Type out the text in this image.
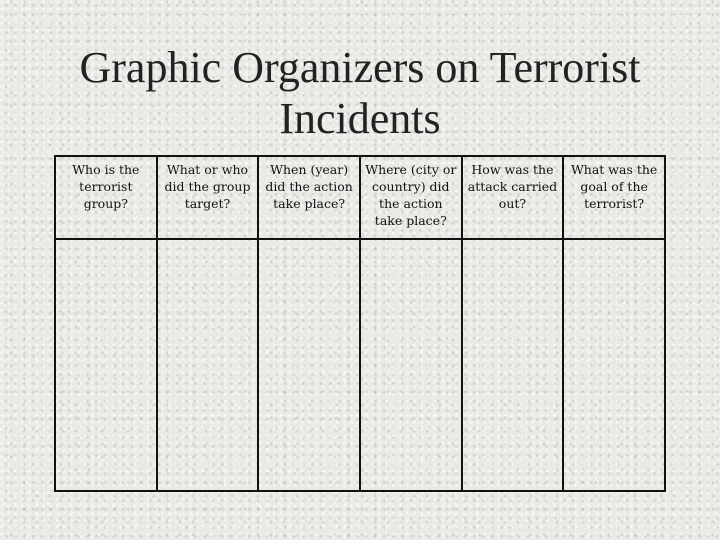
Graphic Organizers on Terrorist
Incidents
Who is the terrorist group?	What or who did the group target?	When (year) did the action take place?	Where (city or country) did the action take place?	How was the attack carried out?	What was the goal of the terrorist?
